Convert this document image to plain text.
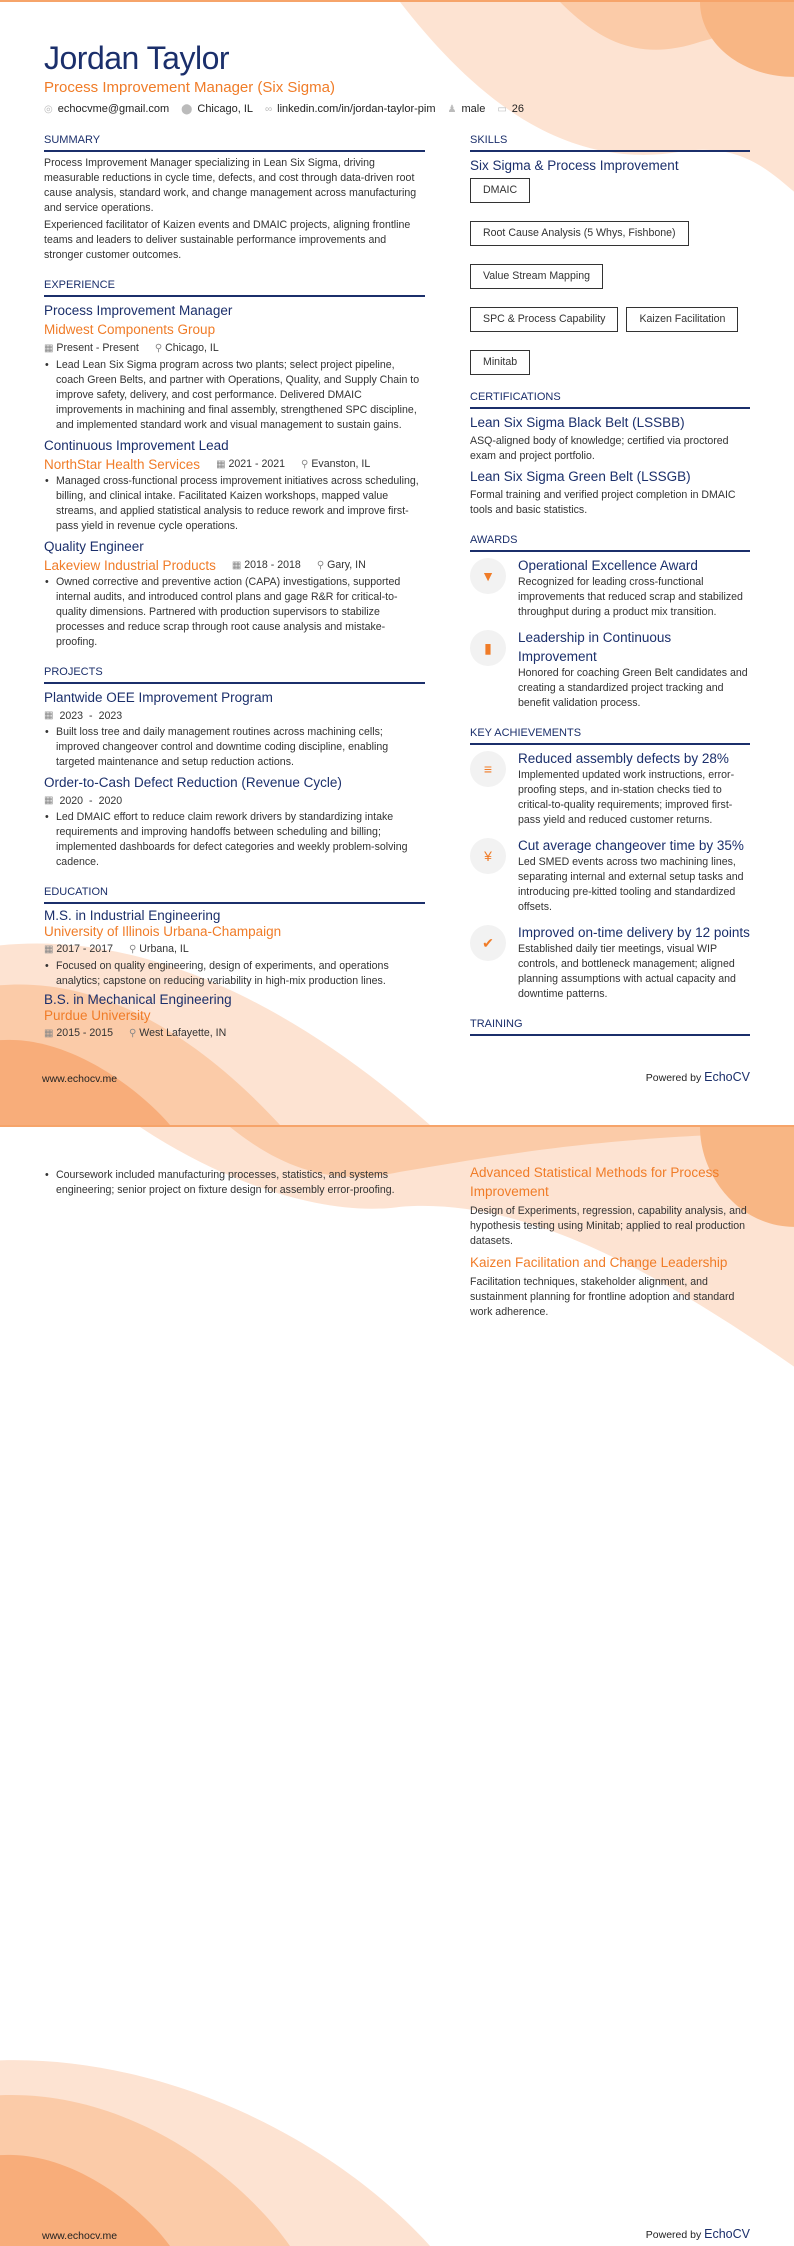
Jordan Taylor
Process Improvement Manager (Six Sigma)
◎ echocvme@gmail.com ⬤ Chicago, IL ∞ linkedin.com/in/jordan-taylor-pim ♟ male ▭ 26
SUMMARY

Process Improvement Manager specializing in Lean Six Sigma, driving measurable reductions in cycle time, defects, and cost through data-driven root cause analysis, standard work, and change management across manufacturing and service operations.

Experienced facilitator of Kaizen events and DMAIC projects, aligning frontline teams and leaders to deliver sustainable performance improvements and stronger customer outcomes.

EXPERIENCE
Process Improvement Manager
Midwest Components Group
▦ Present - Present ⚲ Chicago, IL
• Lead Lean Six Sigma program across two plants; select project pipeline, coach Green Belts, and partner with Operations, Quality, and Supply Chain to improve safety, delivery, and cost performance. Delivered DMAIC improvements in machining and final assembly, strengthened SPC discipline, and implemented standard work and visual management to sustain gains.
Continuous Improvement Lead
NorthStar Health Services ▦ 2021 - 2021 ⚲ Evanston, IL
• Managed cross-functional process improvement initiatives across scheduling, billing, and clinical intake. Facilitated Kaizen workshops, mapped value streams, and applied statistical analysis to reduce rework and improve first-pass yield in revenue cycle operations.
Quality Engineer
Lakeview Industrial Products ▦ 2018 - 2018 ⚲ Gary, IN
• Owned corrective and preventive action (CAPA) investigations, supported internal audits, and introduced control plans and gage R&R for critical-to-quality dimensions. Partnered with production supervisors to stabilize processes and reduce scrap through root cause analysis and mistake-proofing.
PROJECTS
Plantwide OEE Improvement Program
▦ 2023 - 2023
• Built loss tree and daily management routines across machining cells; improved changeover control and downtime coding discipline, enabling targeted maintenance and setup reduction actions.
Order-to-Cash Defect Reduction (Revenue Cycle)
▦ 2020 - 2020
• Led DMAIC effort to reduce claim rework drivers by standardizing intake requirements and improving handoffs between scheduling and billing; implemented dashboards for defect categories and weekly problem-solving cadence.
EDUCATION
M.S. in Industrial Engineering
University of Illinois Urbana-Champaign
▦ 2017 - 2017 ⚲ Urbana, IL
• Focused on quality engineering, design of experiments, and operations analytics; capstone on reducing variability in high-mix production lines.
B.S. in Mechanical Engineering
Purdue University
▦ 2015 - 2015 ⚲ West Lafayette, IN
SKILLS
Six Sigma & Process Improvement
DMAIC
Root Cause Analysis (5 Whys, Fishbone)
Value Stream Mapping
SPC & Process Capability	Kaizen Facilitation
Minitab
CERTIFICATIONS
Lean Six Sigma Black Belt (LSSBB)

ASQ-aligned body of knowledge; certified via proctored exam and project portfolio.

Lean Six Sigma Green Belt (LSSGB)

Formal training and verified project completion in DMAIC tools and basic statistics.

AWARDS
▼
Operational Excellence Award

Recognized for leading cross-functional improvements that reduced scrap and stabilized throughput during a product mix transition.

▮
Leadership in Continuous Improvement

Honored for coaching Green Belt candidates and creating a standardized project tracking and benefit validation process.

KEY ACHIEVEMENTS
≡
Reduced assembly defects by 28%

Implemented updated work instructions, error-proofing steps, and in-station checks tied to critical-to-quality requirements; improved first-pass yield and reduced customer returns.

¥
Cut average changeover time by 35%

Led SMED events across two machining lines, separating internal and external setup tasks and introducing pre-kitted tooling and standardized offsets.

✔
Improved on-time delivery by 12 points

Established daily tier meetings, visual WIP controls, and bottleneck management; aligned planning assumptions with actual capacity and downtime patterns.

TRAINING
www.echocv.me	Powered by EchoCV
• Coursework included manufacturing processes, statistics, and systems engineering; senior project on fixture design for assembly error-proofing.
Advanced Statistical Methods for Process Improvement

Design of Experiments, regression, capability analysis, and hypothesis testing using Minitab; applied to real production datasets.

Kaizen Facilitation and Change Leadership

Facilitation techniques, stakeholder alignment, and sustainment planning for frontline adoption and standard work adherence.

www.echocv.me	Powered by EchoCV
